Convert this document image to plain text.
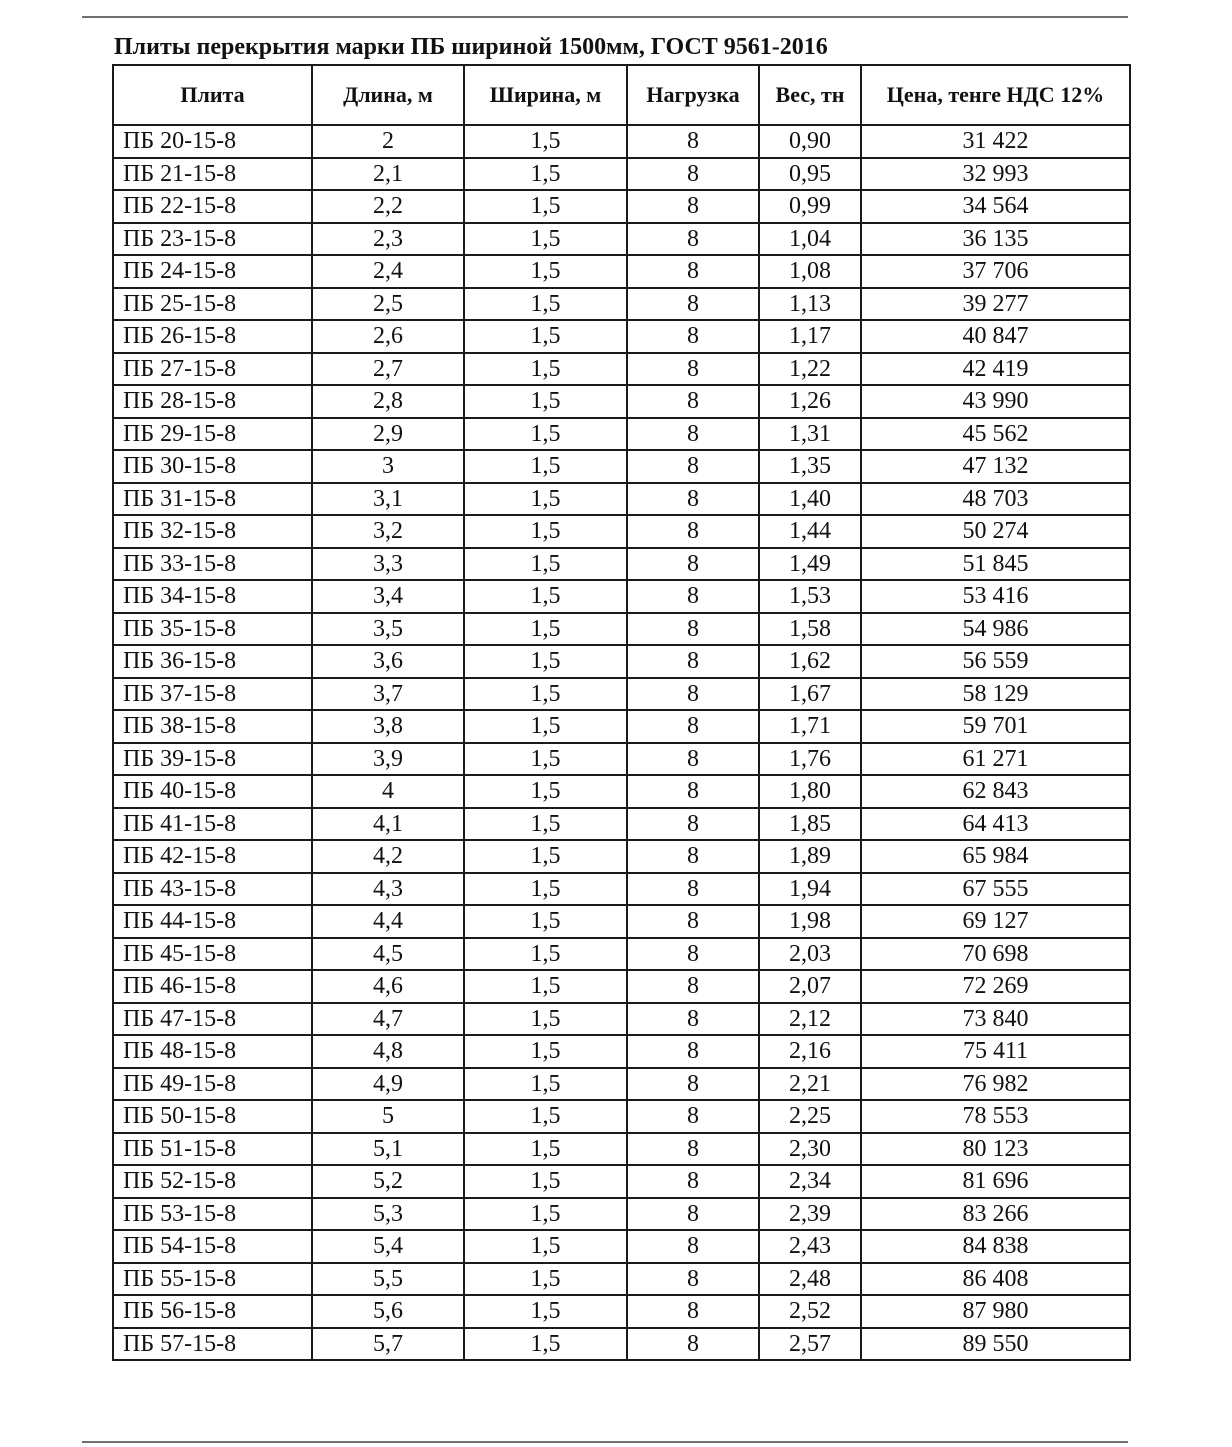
Плиты перекрытия марки ПБ шириной 1500мм, ГОСТ 9561-2016
Плита	Длина, м	Ширина, м	Нагрузка	Вес, тн	Цена, тенге НДС 12%
ПБ 20-15-8	2	1,5	8	0,90	31 422
ПБ 21-15-8	2,1	1,5	8	0,95	32 993
ПБ 22-15-8	2,2	1,5	8	0,99	34 564
ПБ 23-15-8	2,3	1,5	8	1,04	36 135
ПБ 24-15-8	2,4	1,5	8	1,08	37 706
ПБ 25-15-8	2,5	1,5	8	1,13	39 277
ПБ 26-15-8	2,6	1,5	8	1,17	40 847
ПБ 27-15-8	2,7	1,5	8	1,22	42 419
ПБ 28-15-8	2,8	1,5	8	1,26	43 990
ПБ 29-15-8	2,9	1,5	8	1,31	45 562
ПБ 30-15-8	3	1,5	8	1,35	47 132
ПБ 31-15-8	3,1	1,5	8	1,40	48 703
ПБ 32-15-8	3,2	1,5	8	1,44	50 274
ПБ 33-15-8	3,3	1,5	8	1,49	51 845
ПБ 34-15-8	3,4	1,5	8	1,53	53 416
ПБ 35-15-8	3,5	1,5	8	1,58	54 986
ПБ 36-15-8	3,6	1,5	8	1,62	56 559
ПБ 37-15-8	3,7	1,5	8	1,67	58 129
ПБ 38-15-8	3,8	1,5	8	1,71	59 701
ПБ 39-15-8	3,9	1,5	8	1,76	61 271
ПБ 40-15-8	4	1,5	8	1,80	62 843
ПБ 41-15-8	4,1	1,5	8	1,85	64 413
ПБ 42-15-8	4,2	1,5	8	1,89	65 984
ПБ 43-15-8	4,3	1,5	8	1,94	67 555
ПБ 44-15-8	4,4	1,5	8	1,98	69 127
ПБ 45-15-8	4,5	1,5	8	2,03	70 698
ПБ 46-15-8	4,6	1,5	8	2,07	72 269
ПБ 47-15-8	4,7	1,5	8	2,12	73 840
ПБ 48-15-8	4,8	1,5	8	2,16	75 411
ПБ 49-15-8	4,9	1,5	8	2,21	76 982
ПБ 50-15-8	5	1,5	8	2,25	78 553
ПБ 51-15-8	5,1	1,5	8	2,30	80 123
ПБ 52-15-8	5,2	1,5	8	2,34	81 696
ПБ 53-15-8	5,3	1,5	8	2,39	83 266
ПБ 54-15-8	5,4	1,5	8	2,43	84 838
ПБ 55-15-8	5,5	1,5	8	2,48	86 408
ПБ 56-15-8	5,6	1,5	8	2,52	87 980
ПБ 57-15-8	5,7	1,5	8	2,57	89 550
